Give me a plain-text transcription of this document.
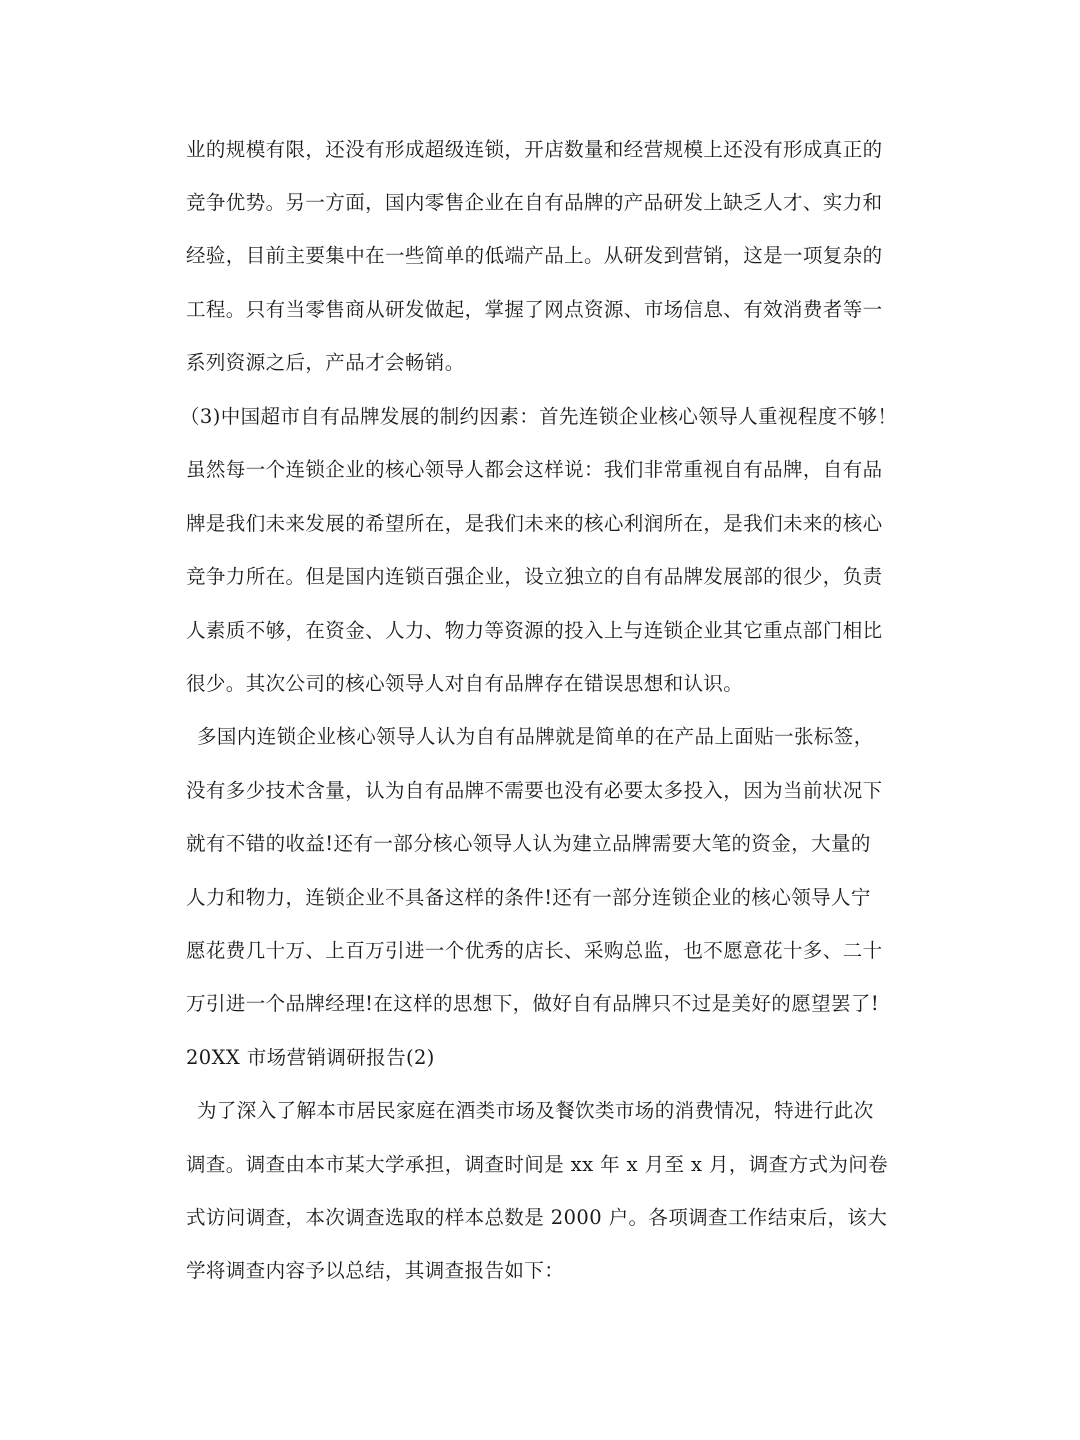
业的规模有限，还没有形成超级连锁，开店数量和经营规模上还没有形成真正的

竞争优势。另一方面，国内零售企业在自有品牌的产品研发上缺乏人才、实力和

经验，目前主要集中在一些简单的低端产品上。从研发到营销，这是一项复杂的

工程。只有当零售商从研发做起，掌握了网点资源、市场信息、有效消费者等一

系列资源之后，产品才会畅销。

（3)中国超市自有品牌发展的制约因素：首先连锁企业核心领导人重视程度不够！

虽然每一个连锁企业的核心领导人都会这样说：我们非常重视自有品牌，自有品

牌是我们未来发展的希望所在，是我们未来的核心利润所在，是我们未来的核心

竞争力所在。但是国内连锁百强企业，设立独立的自有品牌发展部的很少，负责

人素质不够，在资金、人力、物力等资源的投入上与连锁企业其它重点部门相比

很少。其次公司的核心领导人对自有品牌存在错误思想和认识。

多国内连锁企业核心领导人认为自有品牌就是简单的在产品上面贴一张标签，

没有多少技术含量，认为自有品牌不需要也没有必要太多投入，因为当前状况下

就有不错的收益!还有一部分核心领导人认为建立品牌需要大笔的资金，大量的

人力和物力，连锁企业不具备这样的条件!还有一部分连锁企业的核心领导人宁

愿花费几十万、上百万引进一个优秀的店长、采购总监，也不愿意花十多、二十

万引进一个品牌经理!在这样的思想下，做好自有品牌只不过是美好的愿望罢了!

20XX 市场营销调研报告(2)

为了深入了解本市居民家庭在酒类市场及餐饮类市场的消费情况，特进行此次

调查。调查由本市某大学承担，调查时间是 xx 年 x 月至 x 月，调查方式为问卷

式访问调查，本次调查选取的样本总数是 2000 户。各项调查工作结束后，该大

学将调查内容予以总结，其调查报告如下：
